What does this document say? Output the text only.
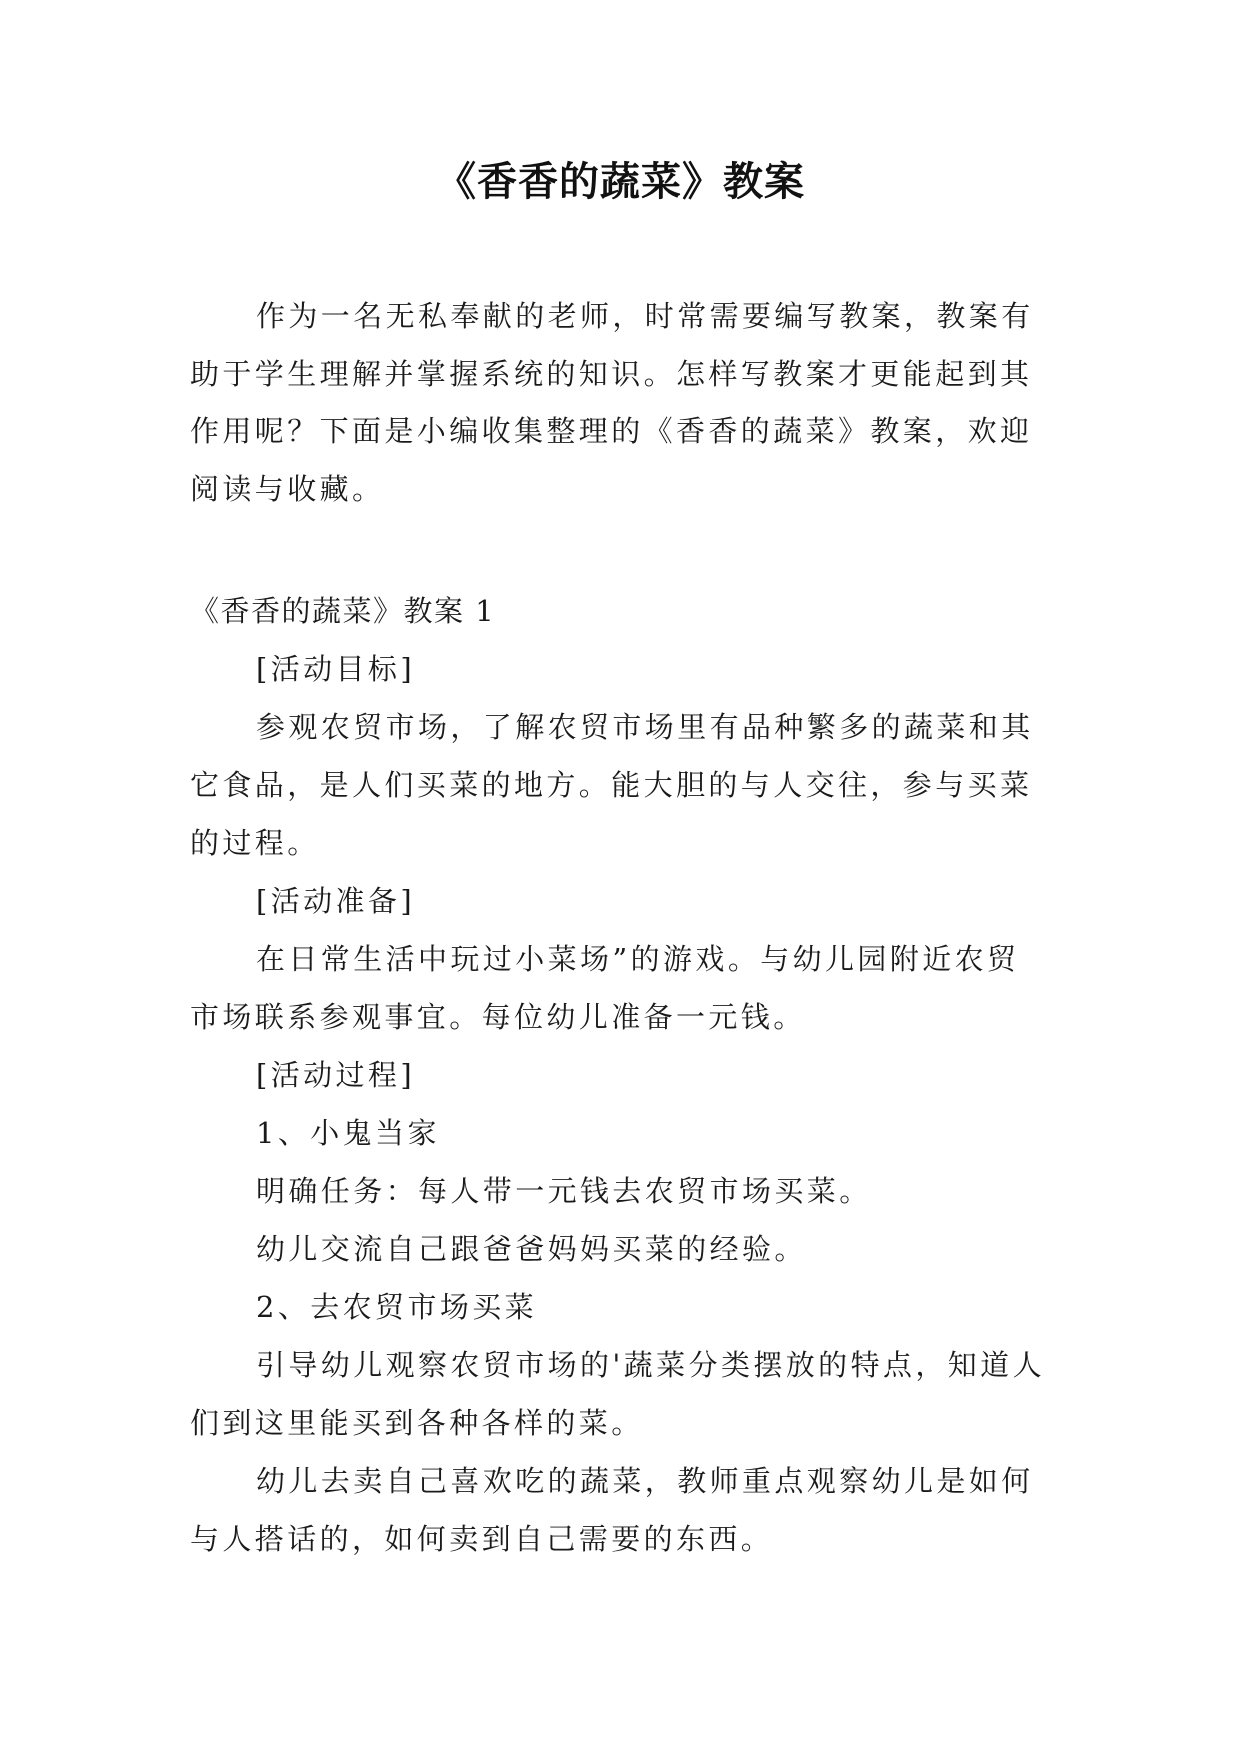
《香香的蔬菜》教案

作为一名无私奉献的老师，时常需要编写教案，教案有助于学生理解并掌握系统的知识。怎样写教案才更能起到其作用呢？下面是小编收集整理的《香香的蔬菜》教案，欢迎阅读与收藏。

《香香的蔬菜》教案 1

[活动目标]

参观农贸市场，了解农贸市场里有品种繁多的蔬菜和其它食品，是人们买菜的地方。能大胆的与人交往，参与买菜的过程。

[活动准备]

在日常生活中玩过小菜场”的游戏。与幼儿园附近农贸市场联系参观事宜。每位幼儿准备一元钱。

[活动过程]

1、小鬼当家

明确任务：每人带一元钱去农贸市场买菜。

幼儿交流自己跟爸爸妈妈买菜的经验。

2、去农贸市场买菜

引导幼儿观察农贸市场的'蔬菜分类摆放的特点，知道人们到这里能买到各种各样的菜。

幼儿去卖自己喜欢吃的蔬菜，教师重点观察幼儿是如何与人搭话的，如何卖到自己需要的东西。
